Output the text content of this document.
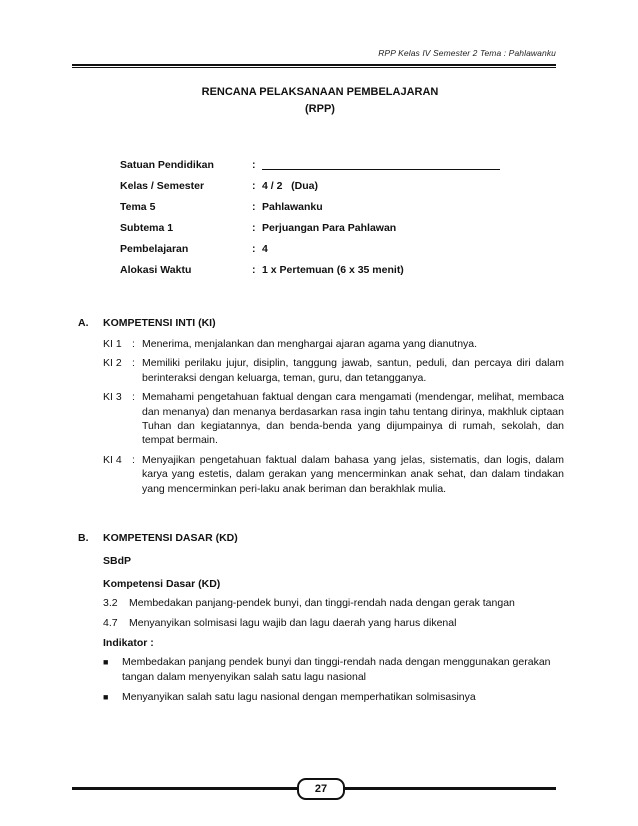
RPP Kelas IV Semester 2 Tema : Pahlawanku
RENCANA PELAKSANAAN PEMBELAJARAN
(RPP)
Satuan Pendidikan	:
Kelas / Semester	: 4 / 2   (Dua)
Tema 5	: Pahlawanku
Subtema 1	: Perjuangan Para Pahlawan
Pembelajaran	: 4
Alokasi Waktu	: 1 x Pertemuan (6 x 35 menit)
A.	KOMPETENSI INTI (KI)
KI 1 : Menerima, menjalankan dan menghargai ajaran agama yang dianutnya.
KI 2 : Memiliki perilaku jujur, disiplin, tanggung jawab, santun, peduli, dan percaya diri dalam berinteraksi dengan keluarga, teman, guru, dan tetangganya.
KI 3 : Memahami pengetahuan faktual dengan cara mengamati (mendengar, melihat, membaca dan menanya) dan menanya berdasarkan rasa ingin tahu tentang dirinya, makhluk ciptaan Tuhan dan kegiatannya, dan benda-benda yang dijumpainya di rumah, sekolah, dan tempat bermain.
KI 4 : Menyajikan pengetahuan faktual dalam bahasa yang jelas, sistematis, dan logis, dalam karya yang estetis, dalam gerakan yang mencerminkan anak sehat, dan dalam tindakan yang mencerminkan peri-laku anak beriman dan berakhlak mulia.
B.	KOMPETENSI DASAR (KD)
SBdP
Kompetensi Dasar (KD)
3.2	Membedakan panjang-pendek bunyi, dan tinggi-rendah nada dengan gerak tangan
4.7	Menyanyikan solmisasi lagu wajib dan lagu daerah yang harus dikenal
Indikator :
■	Membedakan panjang pendek bunyi dan tinggi-rendah nada dengan menggunakan gerakan tangan dalam menyenyikan salah satu lagu nasional
■	Menyanyikan salah satu lagu nasional dengan memperhatikan solmisasinya
27
